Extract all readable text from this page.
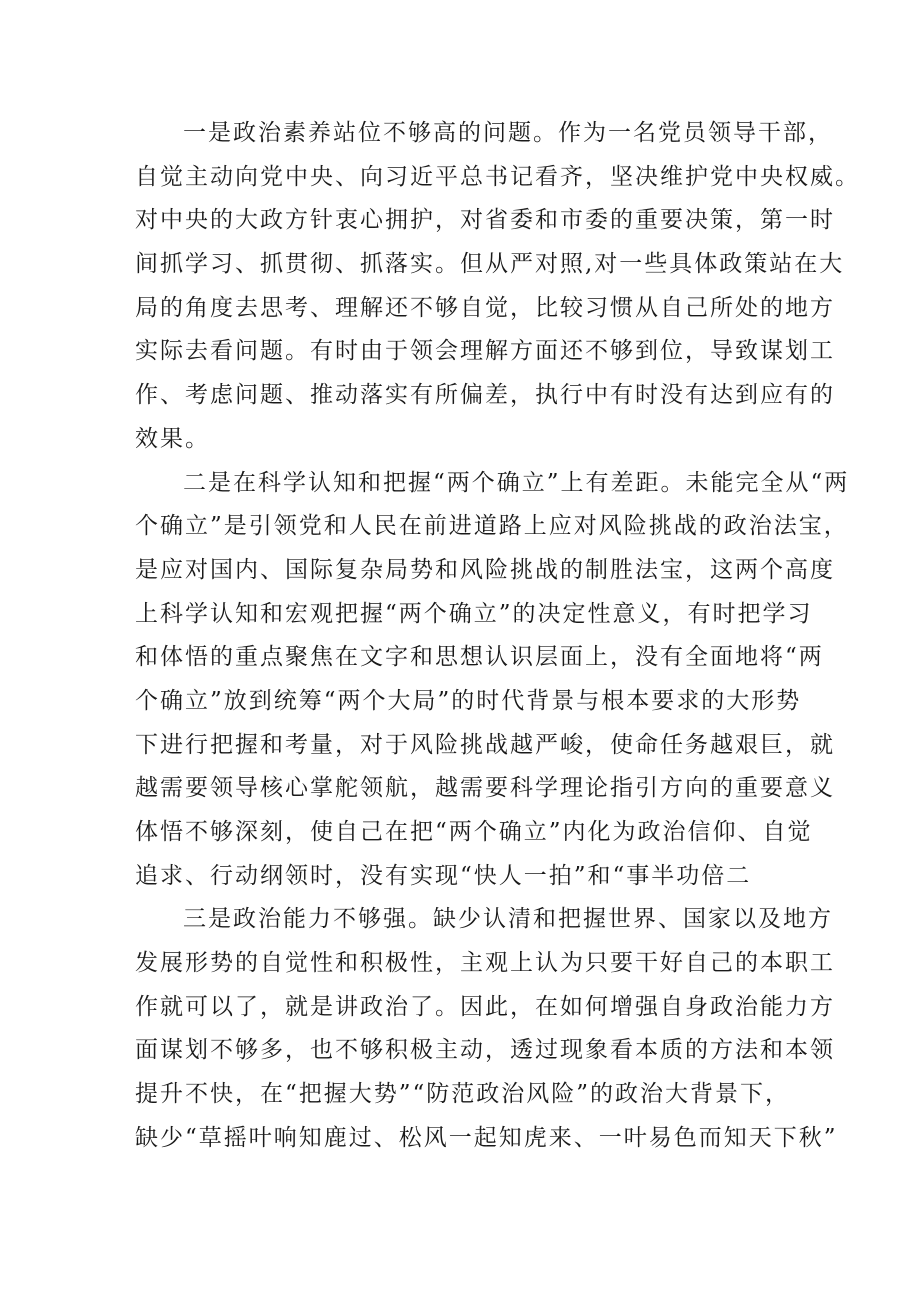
一是政治素养站位不够高的问题。作为一名党员领导干部，
自觉主动向党中央、向习近平总书记看齐，坚决维护党中央权威。
对中央的大政方针衷心拥护，对省委和市委的重要决策，第一时
间抓学习、抓贯彻、抓落实。但从严对照,对一些具体政策站在大
局的角度去思考、理解还不够自觉，比较习惯从自己所处的地方
实际去看问题。有时由于领会理解方面还不够到位，导致谋划工
作、考虑问题、推动落实有所偏差，执行中有时没有达到应有的
效果。
二是在科学认知和把握“两个确立”上有差距。未能完全从“两
个确立”是引领党和人民在前进道路上应对风险挑战的政治法宝，
是应对国内、国际复杂局势和风险挑战的制胜法宝，这两个高度
上科学认知和宏观把握“两个确立”的决定性意义，有时把学习
和体悟的重点聚焦在文字和思想认识层面上，没有全面地将“两
个确立”放到统筹“两个大局”的时代背景与根本要求的大形势
下进行把握和考量，对于风险挑战越严峻，使命任务越艰巨，就
越需要领导核心掌舵领航，越需要科学理论指引方向的重要意义
体悟不够深刻，使自己在把“两个确立”内化为政治信仰、自觉
追求、行动纲领时，没有实现“快人一拍”和“事半功倍二
三是政治能力不够强。缺少认清和把握世界、国家以及地方
发展形势的自觉性和积极性，主观上认为只要干好自己的本职工
作就可以了，就是讲政治了。因此，在如何增强自身政治能力方
面谋划不够多，也不够积极主动，透过现象看本质的方法和本领
提升不快，在“把握大势”“防范政治风险”的政治大背景下，
缺少“草摇叶响知鹿过、松风一起知虎来、一叶易色而知天下秋”
